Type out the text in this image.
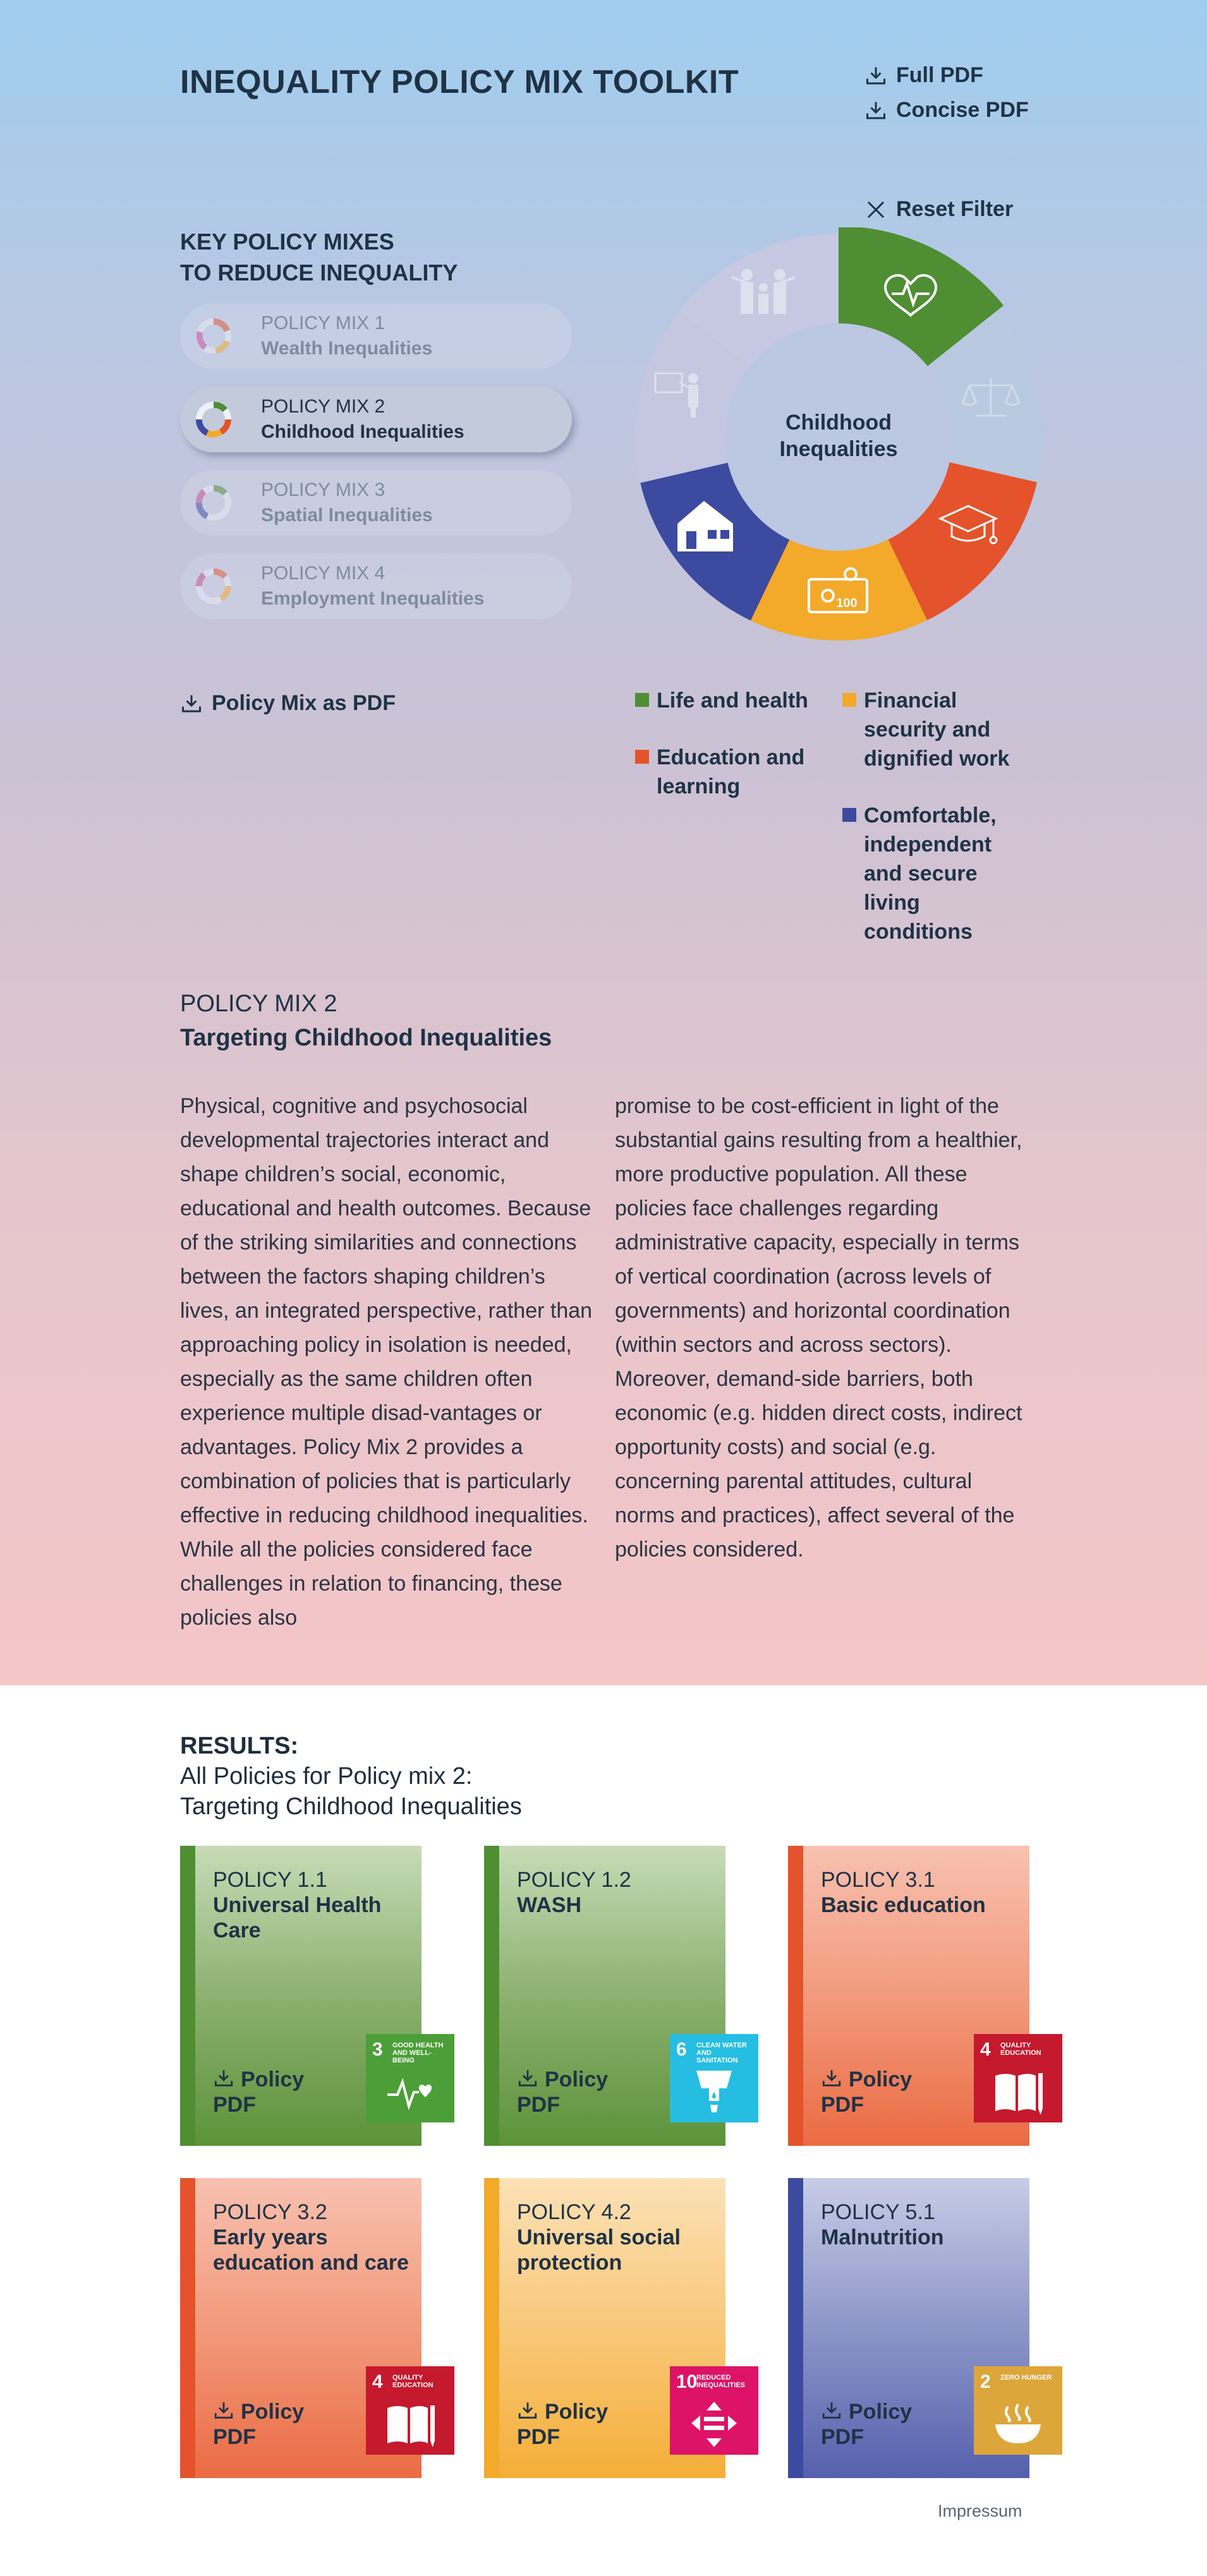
INEQUALITY POLICY MIX TOOLKIT	Full PDF
Concise PDF
KEY POLICY MIXES
TO REDUCE INEQUALITY
POLICY MIX 1
Wealth Inequalities
POLICY MIX 2
Childhood Inequalities
POLICY MIX 3
Spatial Inequalities
POLICY MIX 4
Employment Inequalities
Policy Mix as PDF
Reset Filter
Childhood
Inequalities
100
Life and health
Education and learning
Financial security and dignified work
Comfortable, independent and secure living conditions
POLICY MIX 2
Targeting Childhood Inequalities

Physical, cognitive and psychosocial developmental trajectories interact and shape children’s social, economic, educational and health outcomes. Because of the striking similarities and connections between the factors shaping children’s lives, an integrated perspective, rather than approaching policy in isolation is needed, especially as the same children often experience multiple disad-vantages or advantages. Policy Mix 2 provides a combination of policies that is particularly effective in reducing childhood inequalities. While all the policies considered face challenges in relation to financing, these policies also

promise to be cost-efficient in light of the substantial gains resulting from a healthier, more productive population. All these policies face challenges regarding administrative capacity, especially in terms of vertical coordination (across levels of governments) and horizontal coordination (within sectors and across sectors). Moreover, demand-side barriers, both economic (e.g. hidden direct costs, indirect opportunity costs) and social (e.g. concerning parental attitudes, cultural norms and practices), affect several of the policies considered.

RESULTS:
All Policies for Policy mix 2:
Targeting Childhood Inequalities
POLICY 1.1
Universal Health Care
Policy PDF
3 GOOD HEALTH AND WELL-BEING
POLICY 1.2
WASH
Policy PDF
6 CLEAN WATER AND SANITATION
POLICY 3.1
Basic education
Policy PDF
4 QUALITY EDUCATION
POLICY 3.2
Early years education and care
Policy PDF
4 QUALITY EDUCATION
POLICY 4.2
Universal social protection
Policy PDF
10
REDUCED INEQUALITIES
POLICY 5.1
Malnutrition
Policy PDF
2 ZERO HUNGER
Impressum
